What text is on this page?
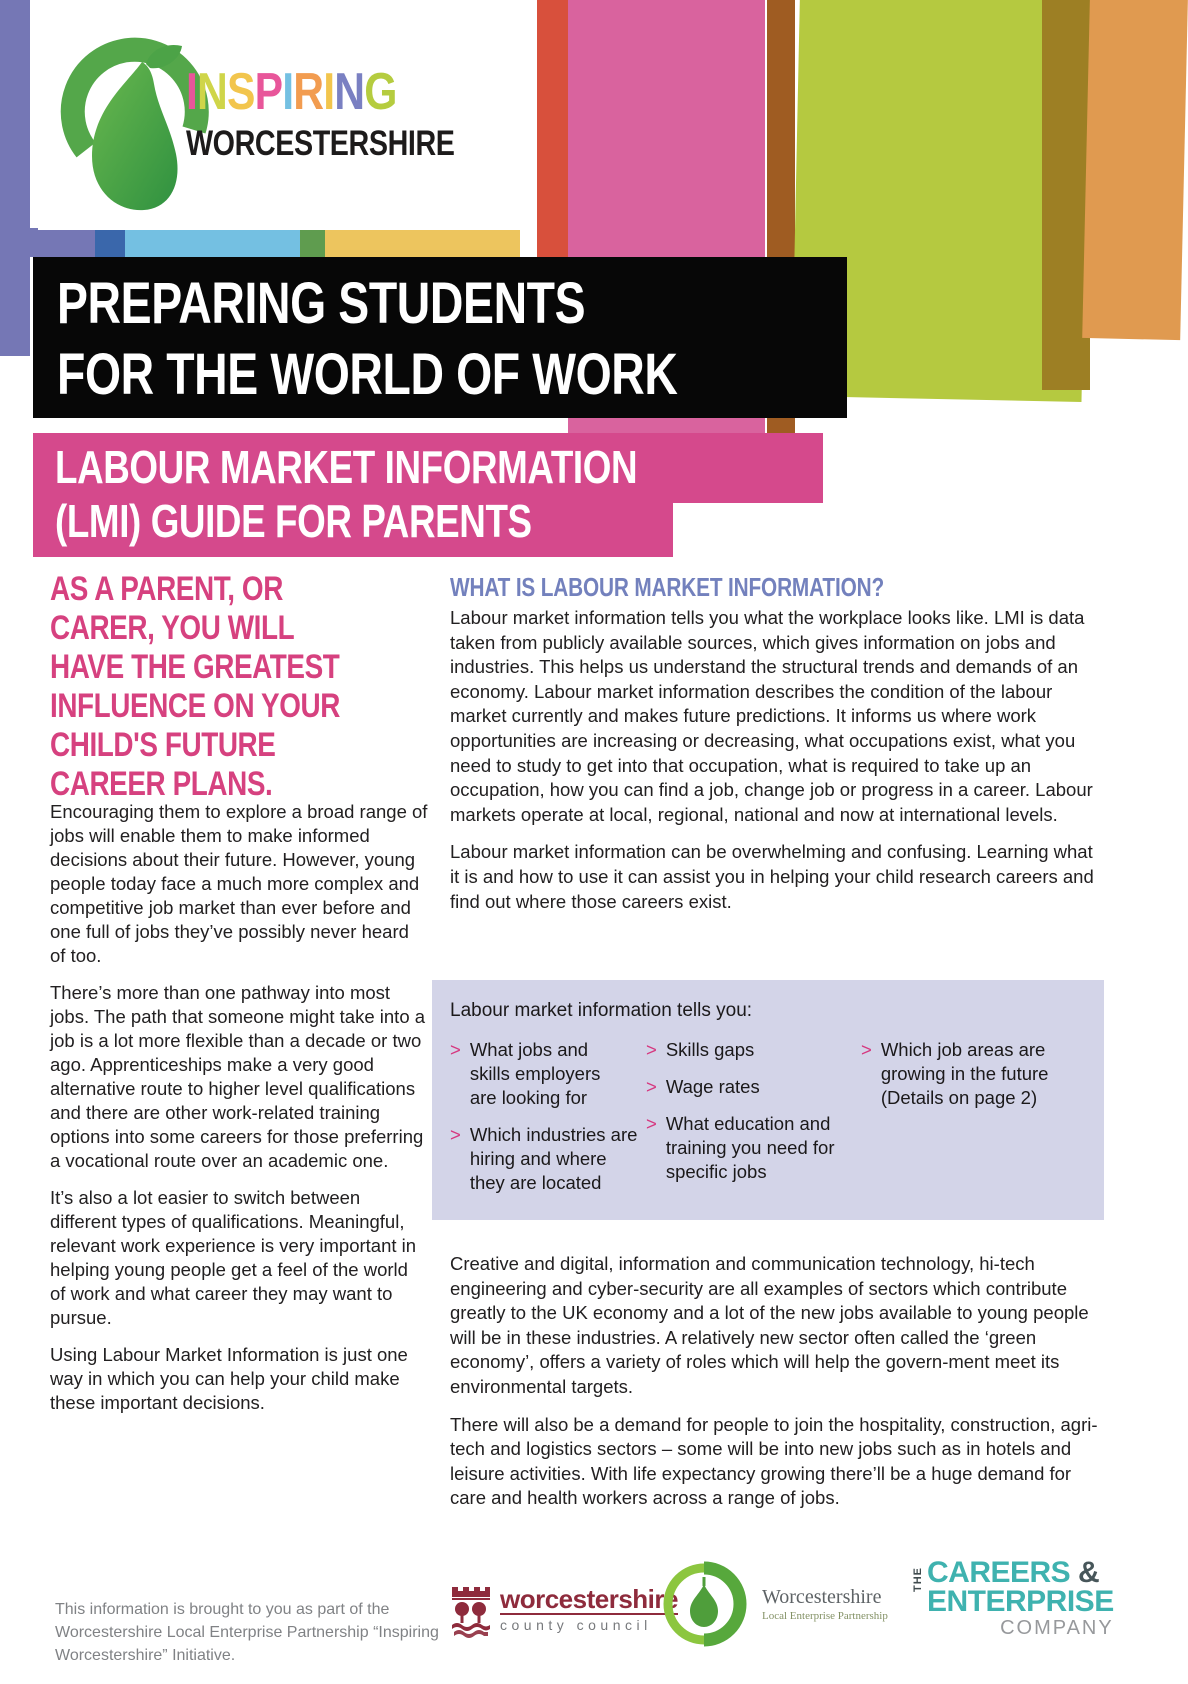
INSPIRING
WORCESTERSHIRE
PREPARING STUDENTS
FOR THE WORLD OF WORK
LABOUR MARKET INFORMATION
(LMI) GUIDE FOR PARENTS
AS A PARENT, OR
CARER, YOU WILL
HAVE THE GREATEST
INFLUENCE ON YOUR
CHILD'S FUTURE
CAREER PLANS.

Encouraging them to explore a broad range of jobs will enable them to make informed decisions about their future. However, young people today face a much more complex and competitive job market than ever before and one full of jobs they’ve possibly never heard of too.

There’s more than one pathway into most jobs. The path that someone might take into a job is a lot more flexible than a decade or two ago. Apprenticeships make a very good alternative route to higher level qualifications and there are other work-related training options into some careers for those preferring a vocational route over an academic one.

It’s also a lot easier to switch between different types of qualifications. Meaningful, relevant work experience is very important in helping young people get a feel of the world of work and what career they may want to pursue.

Using Labour Market Information is just one way in which you can help your child make these important decisions.

WHAT IS LABOUR MARKET INFORMATION?

Labour market information tells you what the workplace looks like. LMI is data taken from publicly available sources, which gives information on jobs and industries. This helps us understand the structural trends and demands of an economy. Labour market information describes the condition of the labour market currently and makes future predictions. It informs us where work opportunities are increasing or decreasing, what occupations exist, what you need to study to get into that occupation, what is required to take up an occupation, how you can find a job, change job or progress in a career. Labour markets operate at local, regional, national and now at international levels.

Labour market information can be overwhelming and confusing. Learning what it is and how to use it can assist you in helping your child research careers and find out where those careers exist.

Labour market information tells you:
> What jobs and skills employers are looking for
> Which industries are hiring and where they are located
> Skills gaps
> Wage rates
> What education and training you need for specific jobs
> Which job areas are growing in the future (Details on page 2)

Creative and digital, information and communication technology, hi-tech engineering and cyber-security are all examples of sectors which contribute greatly to the UK economy and a lot of the new jobs available to young people will be in these industries. A relatively new sector often called the ‘green economy’, offers a variety of roles which will help the govern-ment meet its environmental targets.

There will also be a demand for people to join the hospitality, construction, agri-tech and logistics sectors – some will be into new jobs such as in hotels and leisure activities. With life expectancy growing there’ll be a huge demand for care and health workers across a range of jobs.

This information is brought to you as part of the Worcestershire Local Enterprise Partnership “Inspiring Worcestershire” Initiative.
worcestershire
county council
Worcestershire
Local Enterprise Partnership
THE CAREERS &
ENTERPRISE
COMPANY
